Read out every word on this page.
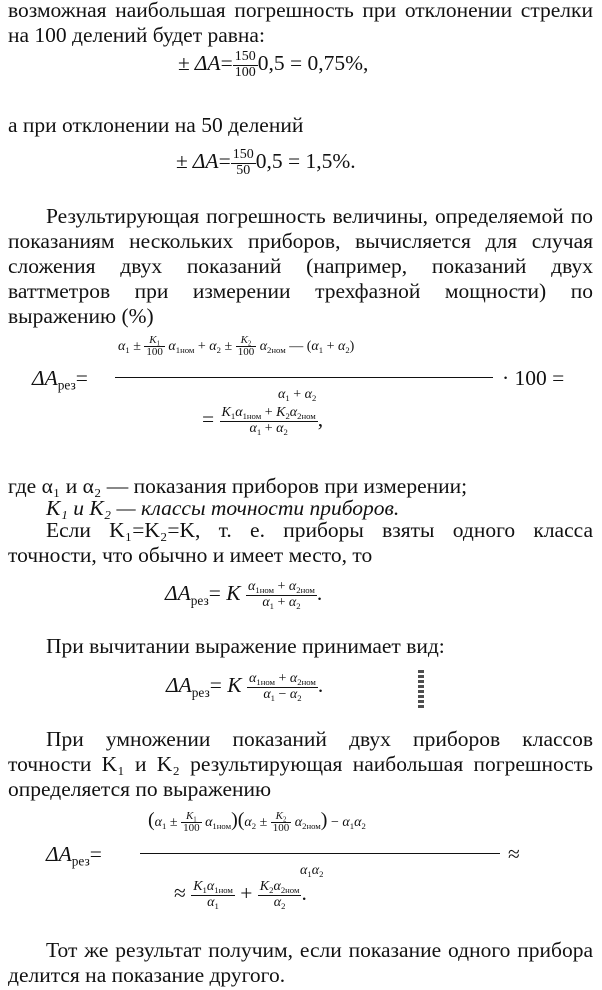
возможная наибольшая погрешность при отклонении стрелки на 100 делений будет равна:

± $\Delta A= \frac{150}{100} 0,5 = 0,75\%$,

а при отклонении на 50 делений

± $\Delta A= \frac{150}{50} 0,5 = 1,5\%$.

Результирующая погрешность величины, определяемой по показаниям нескольких приборов, вычисляется для случая сложения двух показаний (например, показаний двух ваттметров при измерении трехфазной мощности) по выражению (%)

$\Delta A_{рез}=$
$\alpha_1 \pm \frac{K_1}{100} \alpha_{1ном} + \alpha_2 \pm \frac{K_2}{100} \alpha_{2ном}$ — $(\alpha_1 + \alpha_2)$
$\alpha_1 + \alpha_2$
· 100 =
= $\frac{K_1\alpha_{1ном} + K_2\alpha_{2ном}}{\alpha_1 + \alpha_2}$ ,

где α₁ и α₂ — показания приборов при измерении;

K₁ и K₂ — классы точности приборов.

Если K₁=K₂=K, т. е. приборы взяты одного класса точности, что обычно и имеет место, то

$\Delta A_{рез}= K \frac{\alpha_{1ном} + \alpha_{2ном}}{\alpha_1 + \alpha_2}$ .

При вычитании выражение принимает вид:

$\Delta A_{рез}= K \frac{\alpha_{1ном} + \alpha_{2ном}}{\alpha_1 - \alpha_2}$ .

При умножении показаний двух приборов классов точности K₁ и K₂ результирующая наибольшая погрешность определяется по выражению

$\Delta A_{рез}=$
$(\alpha_1 \pm \frac{K_1}{100} \alpha_{1ном})(\alpha_2 \pm \frac{K_2}{100} \alpha_{2ном}) - \alpha_1\alpha_2$
$\alpha_1\alpha_2$
≈
≈ $\frac{K_1\alpha_{1ном}}{\alpha_1} + \frac{K_2\alpha_{2ном}}{\alpha_2}$ .

Тот же результат получим, если показание одного прибора делится на показание другого.
